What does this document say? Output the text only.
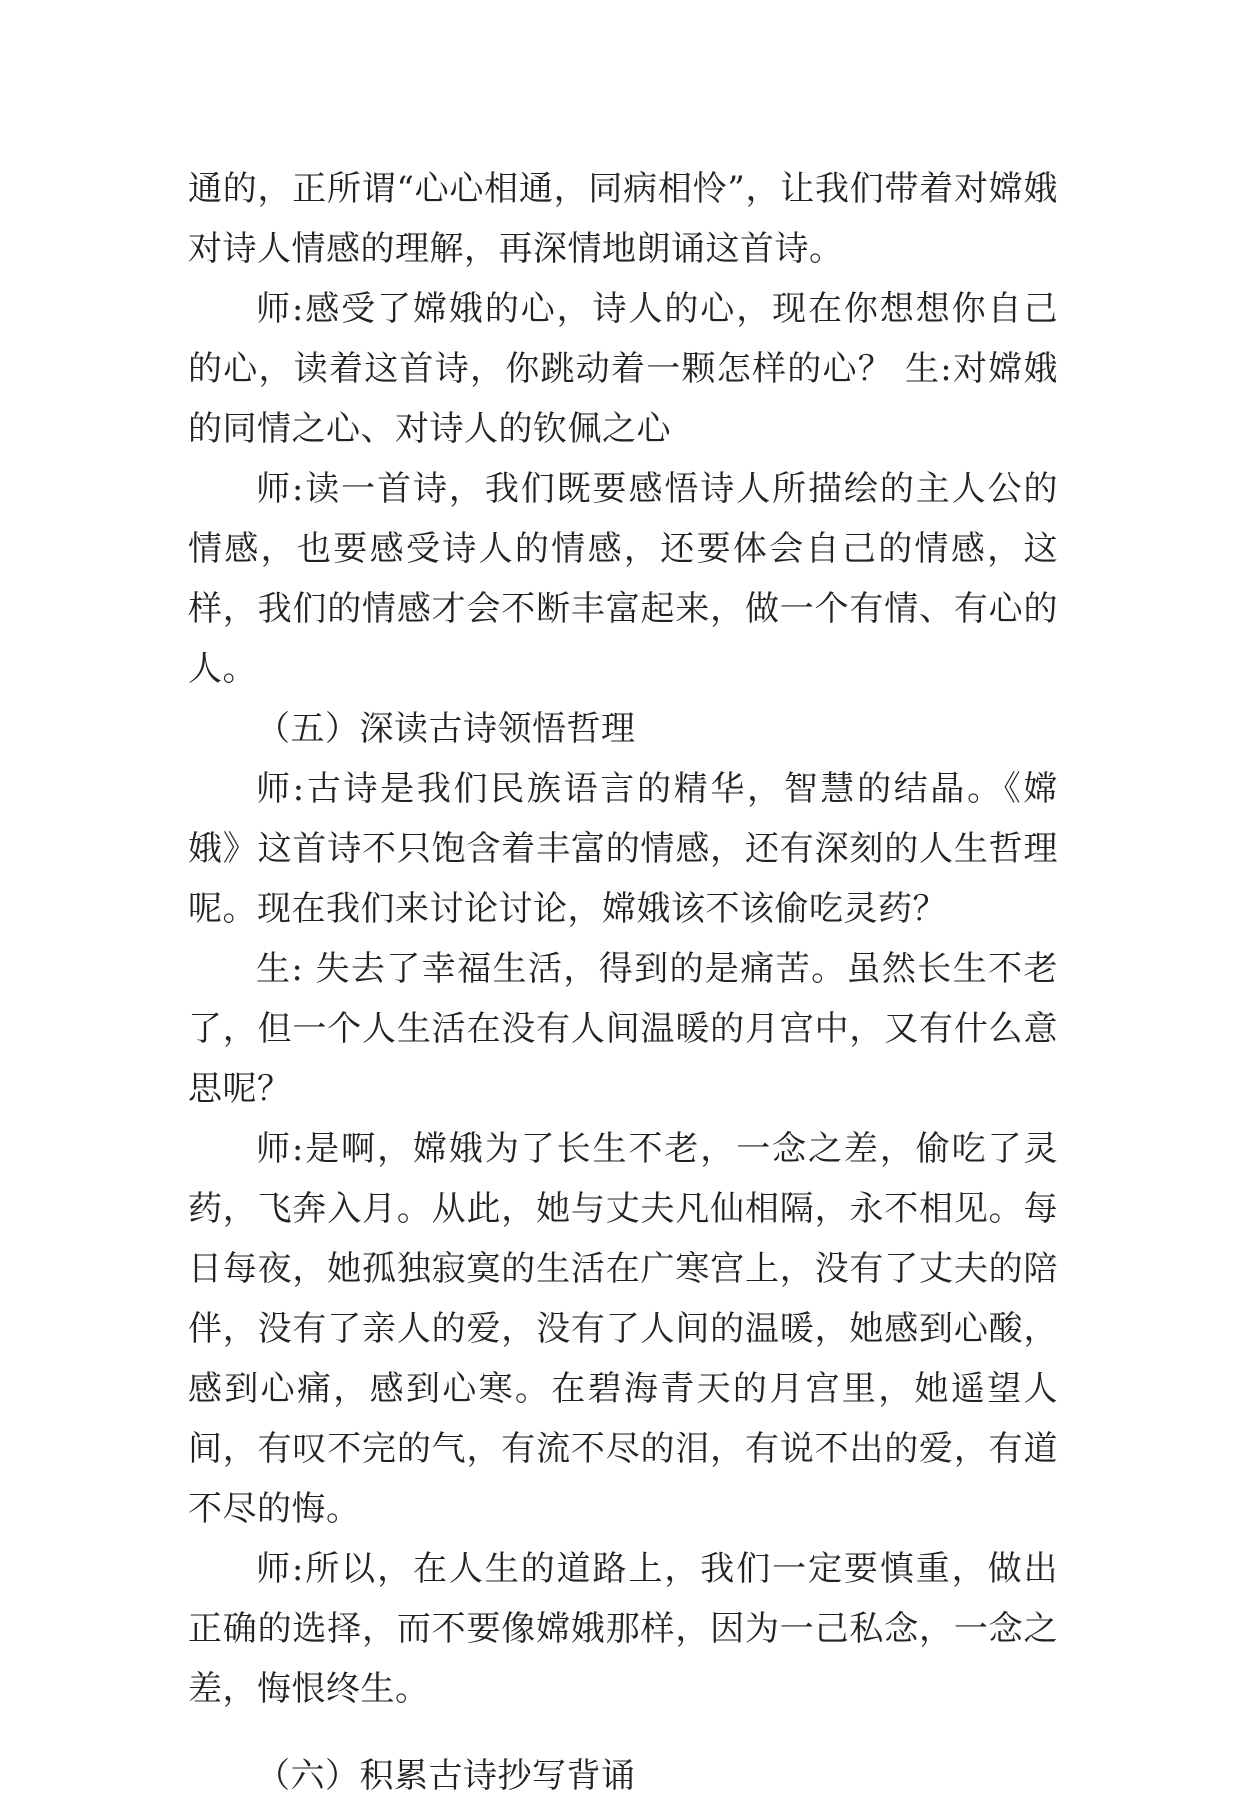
通的，正所谓“心心相通，同病相怜”，让我们带着对嫦娥对诗人情感的理解，再深情地朗诵这首诗。

师:感受了嫦娥的心，诗人的心，现在你想想你自己的心，读着这首诗，你跳动着一颗怎样的心？ 生:对嫦娥的同情之心、对诗人的钦佩之心

师:读一首诗，我们既要感悟诗人所描绘的主人公的情感，也要感受诗人的情感，还要体会自己的情感，这样，我们的情感才会不断丰富起来，做一个有情、有心的人。

（五）深读古诗领悟哲理

师:古诗是我们民族语言的精华，智慧的结晶。《嫦娥》这首诗不只饱含着丰富的情感，还有深刻的人生哲理呢。现在我们来讨论讨论，嫦娥该不该偷吃灵药？

生: 失去了幸福生活，得到的是痛苦。虽然长生不老了，但一个人生活在没有人间温暖的月宫中，又有什么意思呢？

师:是啊，嫦娥为了长生不老，一念之差，偷吃了灵药，飞奔入月。从此，她与丈夫凡仙相隔，永不相见。每日每夜，她孤独寂寞的生活在广寒宫上，没有了丈夫的陪伴，没有了亲人的爱，没有了人间的温暖，她感到心酸，感到心痛，感到心寒。在碧海青天的月宫里，她遥望人间，有叹不完的气，有流不尽的泪，有说不出的爱，有道不尽的悔。

师:所以，在人生的道路上，我们一定要慎重，做出正确的选择，而不要像嫦娥那样，因为一己私念，一念之差，悔恨终生。

（六）积累古诗抄写背诵
